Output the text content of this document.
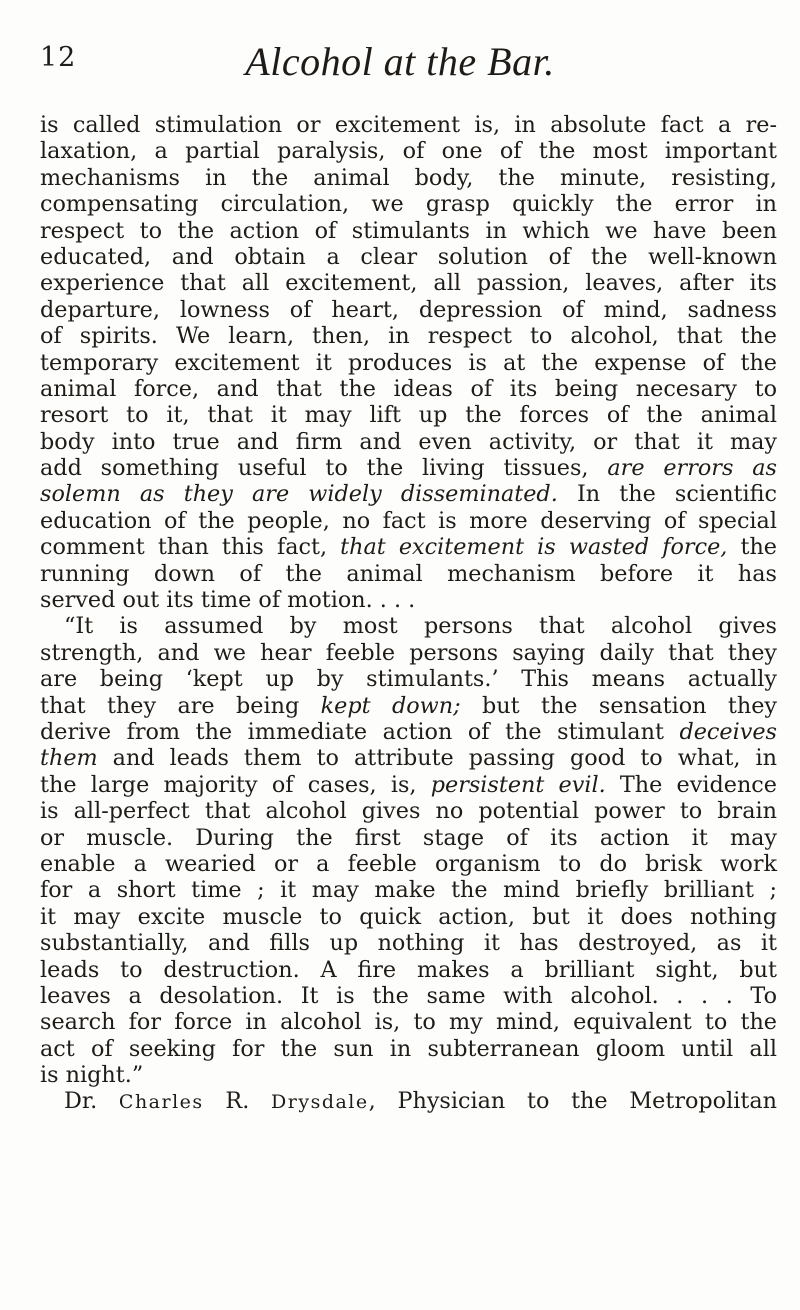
12	Alcohol at the Bar.
is called stimulation or excitement is, in absolute fact a re-
laxation, a partial paralysis, of one of the most important
mechanisms in the animal body, the minute, resisting,
compensating circulation, we grasp quickly the error in
respect to the action of stimulants in which we have been
educated, and obtain a clear solution of the well-known
experience that all excitement, all passion, leaves, after its
departure, lowness of heart, depression of mind, sadness
of spirits. We learn, then, in respect to alcohol, that the
temporary excitement it produces is at the expense of the
animal force, and that the ideas of its being necesary to
resort to it, that it may lift up the forces of the animal
body into true and firm and even activity, or that it may
add something useful to the living tissues, are errors as
solemn as they are widely disseminated. In the scientific
education of the people, no fact is more deserving of special
comment than this fact, that excitement is wasted force, the
running down of the animal mechanism before it has
served out its time of motion. . . .
“It is assumed by most persons that alcohol gives
strength, and we hear feeble persons saying daily that they
are being ‘kept up by stimulants.’ This means actually
that they are being kept down; but the sensation they
derive from the immediate action of the stimulant deceives
them and leads them to attribute passing good to what, in
the large majority of cases, is, persistent evil. The evidence
is all-perfect that alcohol gives no potential power to brain
or muscle. During the first stage of its action it may
enable a wearied or a feeble organism to do brisk work
for a short time ; it may make the mind briefly brilliant ;
it may excite muscle to quick action, but it does nothing
substantially, and fills up nothing it has destroyed, as it
leads to destruction. A fire makes a brilliant sight, but
leaves a desolation. It is the same with alcohol. . . . To
search for force in alcohol is, to my mind, equivalent to the
act of seeking for the sun in subterranean gloom until all
is night.”
Dr. Charles R. Drysdale, Physician to the Metropolitan
